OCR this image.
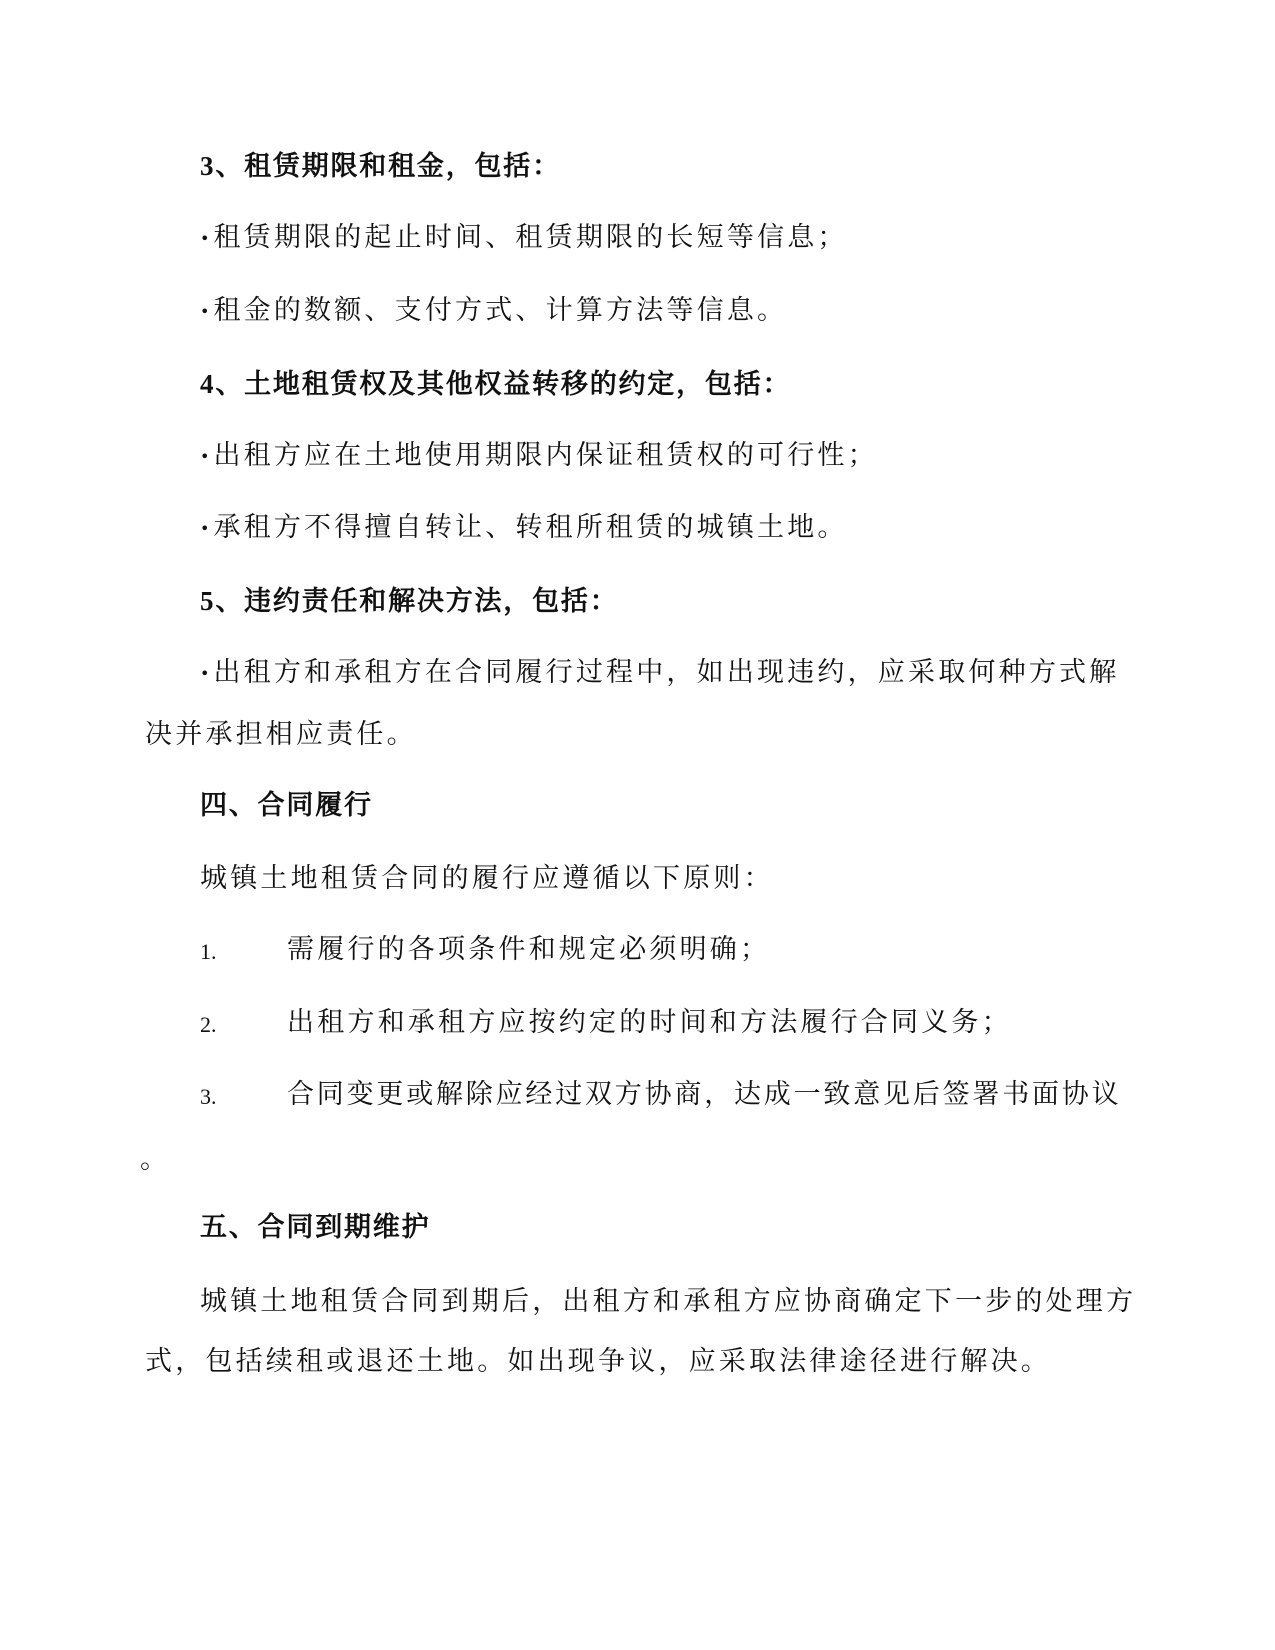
3、租赁期限和租金，包括：
• 租赁期限的起止时间、租赁期限的长短等信息；
• 租金的数额、支付方式、计算方法等信息。
4、土地租赁权及其他权益转移的约定，包括：
• 出租方应在土地使用期限内保证租赁权的可行性；
• 承租方不得擅自转让、转租所租赁的城镇土地。
5、违约责任和解决方法，包括：
• 出租方和承租方在合同履行过程中，如出现违约，应采取何种方式解
决并承担相应责任。
四、合同履行
城镇土地租赁合同的履行应遵循以下原则：
1.	需履行的各项条件和规定必须明确；
2.	出租方和承租方应按约定的时间和方法履行合同义务；
3.	合同变更或解除应经过双方协商，达成一致意见后签署书面协议
。
五、合同到期维护
城镇土地租赁合同到期后，出租方和承租方应协商确定下一步的处理方
式，包括续租或退还土地。如出现争议，应采取法律途径进行解决。
